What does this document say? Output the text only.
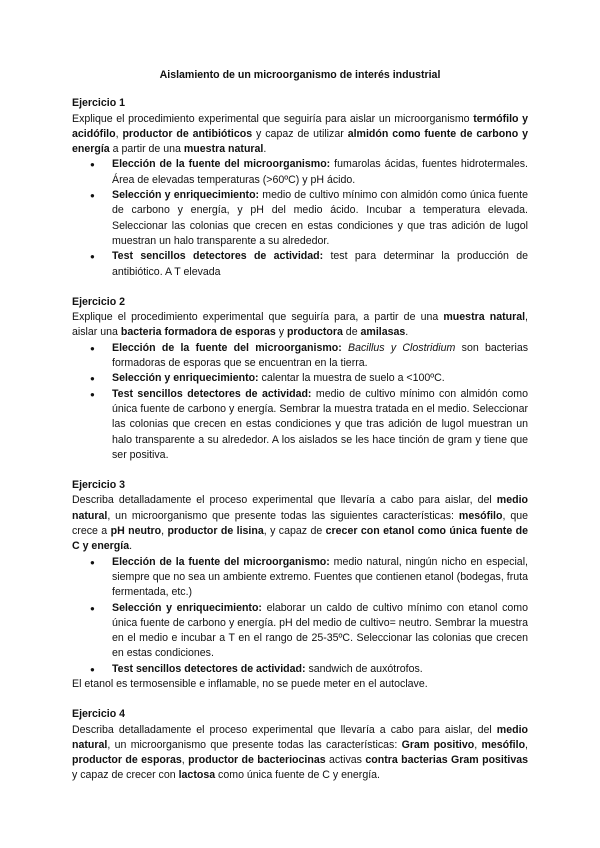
Aislamiento de un microorganismo de interés industrial
Ejercicio 1

Explique el procedimiento experimental que seguiría para aislar un microorganismo termófilo y acidófilo, productor de antibióticos y capaz de utilizar almidón como fuente de carbono y energía a partir de una muestra natural.

● Elección de la fuente del microorganismo: fumarolas ácidas, fuentes hidrotermales. Área de elevadas temperaturas (>60ºC) y pH ácido.
● Selección y enriquecimiento: medio de cultivo mínimo con almidón como única fuente de carbono y energía, y pH del medio ácido. Incubar a temperatura elevada. Seleccionar las colonias que crecen en estas condiciones y que tras adición de lugol muestran un halo transparente a su alrededor.
● Test sencillos detectores de actividad: test para determinar la producción de antibiótico. A T elevada
Ejercicio 2

Explique el procedimiento experimental que seguiría para, a partir de una muestra natural, aislar una bacteria formadora de esporas y productora de amilasas.

● Elección de la fuente del microorganismo: Bacillus y Clostridium son bacterias formadoras de esporas que se encuentran en la tierra.
● Selección y enriquecimiento: calentar la muestra de suelo a <100ºC.
● Test sencillos detectores de actividad: medio de cultivo mínimo con almidón como única fuente de carbono y energía. Sembrar la muestra tratada en el medio. Seleccionar las colonias que crecen en estas condiciones y que tras adición de lugol muestran un halo transparente a su alrededor. A los aislados se les hace tinción de gram y tiene que ser positiva.
Ejercicio 3

Describa detalladamente el proceso experimental que llevaría a cabo para aislar, del medio natural, un microorganismo que presente todas las siguientes características: mesófilo, que crece a pH neutro, productor de lisina, y capaz de crecer con etanol como única fuente de C y energía.

● Elección de la fuente del microorganismo: medio natural, ningún nicho en especial, siempre que no sea un ambiente extremo. Fuentes que contienen etanol (bodegas, fruta fermentada, etc.)
● Selección y enriquecimiento: elaborar un caldo de cultivo mínimo con etanol como única fuente de carbono y energía. pH del medio de cultivo= neutro. Sembrar la muestra en el medio e incubar a T en el rango de 25-35ºC. Seleccionar las colonias que crecen en estas condiciones.
● Test sencillos detectores de actividad: sandwich de auxótrofos.

El etanol es termosensible e inflamable, no se puede meter en el autoclave.

Ejercicio 4

Describa detalladamente el proceso experimental que llevaría a cabo para aislar, del medio natural, un microorganismo que presente todas las características: Gram positivo, mesófilo, productor de esporas, productor de bacteriocinas activas contra bacterias Gram positivas y capaz de crecer con lactosa como única fuente de C y energía.
